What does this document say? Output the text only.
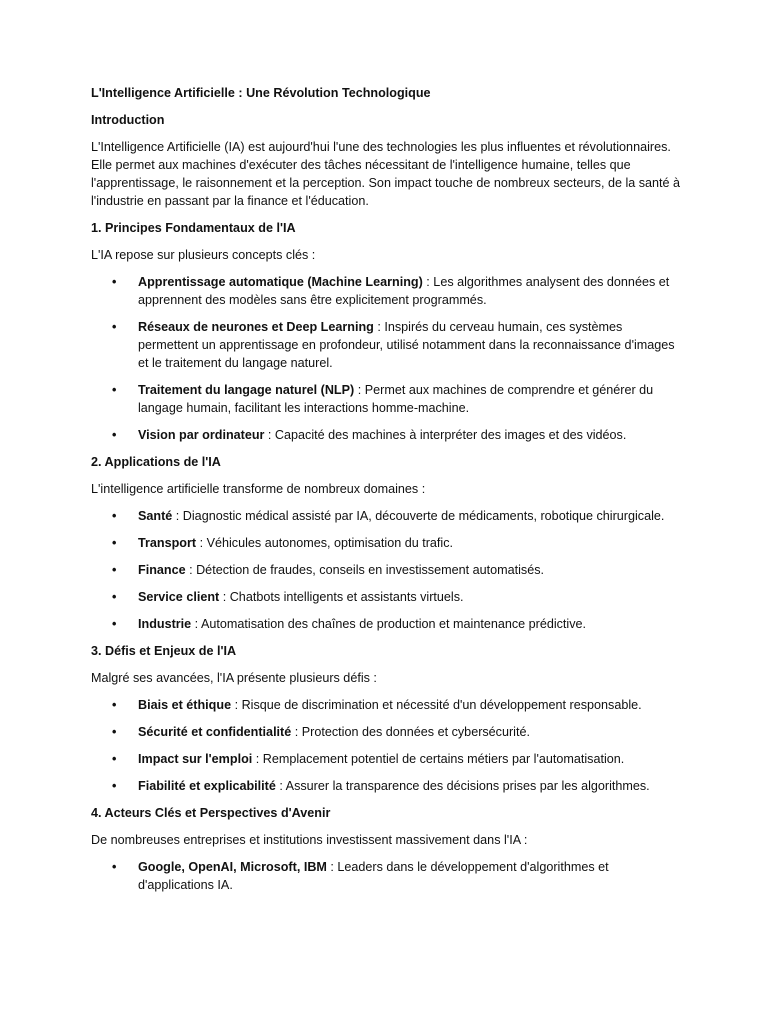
L'Intelligence Artificielle : Une Révolution Technologique
Introduction

L'Intelligence Artificielle (IA) est aujourd'hui l'une des technologies les plus influentes et révolutionnaires. Elle permet aux machines d'exécuter des tâches nécessitant de l'intelligence humaine, telles que l'apprentissage, le raisonnement et la perception. Son impact touche de nombreux secteurs, de la santé à l'industrie en passant par la finance et l'éducation.

1. Principes Fondamentaux de l'IA

L'IA repose sur plusieurs concepts clés :

• Apprentissage automatique (Machine Learning) : Les algorithmes analysent des données et apprennent des modèles sans être explicitement programmés.
• Réseaux de neurones et Deep Learning : Inspirés du cerveau humain, ces systèmes permettent un apprentissage en profondeur, utilisé notamment dans la reconnaissance d'images et le traitement du langage naturel.
• Traitement du langage naturel (NLP) : Permet aux machines de comprendre et générer du langage humain, facilitant les interactions homme-machine.
• Vision par ordinateur : Capacité des machines à interpréter des images et des vidéos.
2. Applications de l'IA

L'intelligence artificielle transforme de nombreux domaines :

• Santé : Diagnostic médical assisté par IA, découverte de médicaments, robotique chirurgicale.
• Transport : Véhicules autonomes, optimisation du trafic.
• Finance : Détection de fraudes, conseils en investissement automatisés.
• Service client : Chatbots intelligents et assistants virtuels.
• Industrie : Automatisation des chaînes de production et maintenance prédictive.
3. Défis et Enjeux de l'IA

Malgré ses avancées, l'IA présente plusieurs défis :

• Biais et éthique : Risque de discrimination et nécessité d'un développement responsable.
• Sécurité et confidentialité : Protection des données et cybersécurité.
• Impact sur l'emploi : Remplacement potentiel de certains métiers par l'automatisation.
• Fiabilité et explicabilité : Assurer la transparence des décisions prises par les algorithmes.
4. Acteurs Clés et Perspectives d'Avenir

De nombreuses entreprises et institutions investissent massivement dans l'IA :

• Google, OpenAI, Microsoft, IBM : Leaders dans le développement d'algorithmes et d'applications IA.
